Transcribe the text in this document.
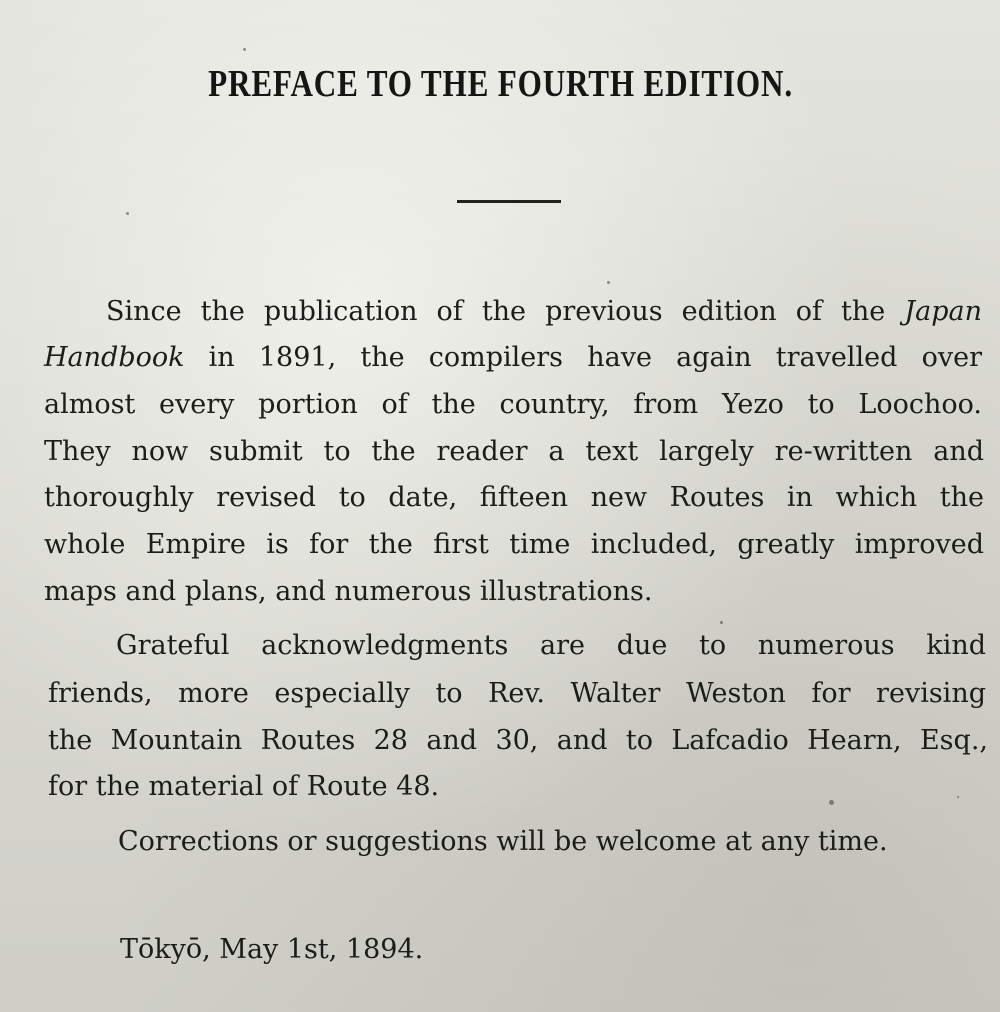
PREFACE TO THE FOURTH EDITION.
Since the publication of the previous edition of the Japan
Handbook in 1891, the compilers have again travelled over
almost every portion of the country, from Yezo to Loochoo.
They now submit to the reader a text largely re-written and
thoroughly revised to date, fifteen new Routes in which the
whole Empire is for the first time included, greatly improved
maps and plans, and numerous illustrations.
Grateful acknowledgments are due to numerous kind
friends, more especially to Rev. Walter Weston for revising
the Mountain Routes 28 and 30, and to Lafcadio Hearn, Esq.,
for the material of Route 48.
Corrections or suggestions will be welcome at any time.
Tōkyō, May 1st, 1894.
